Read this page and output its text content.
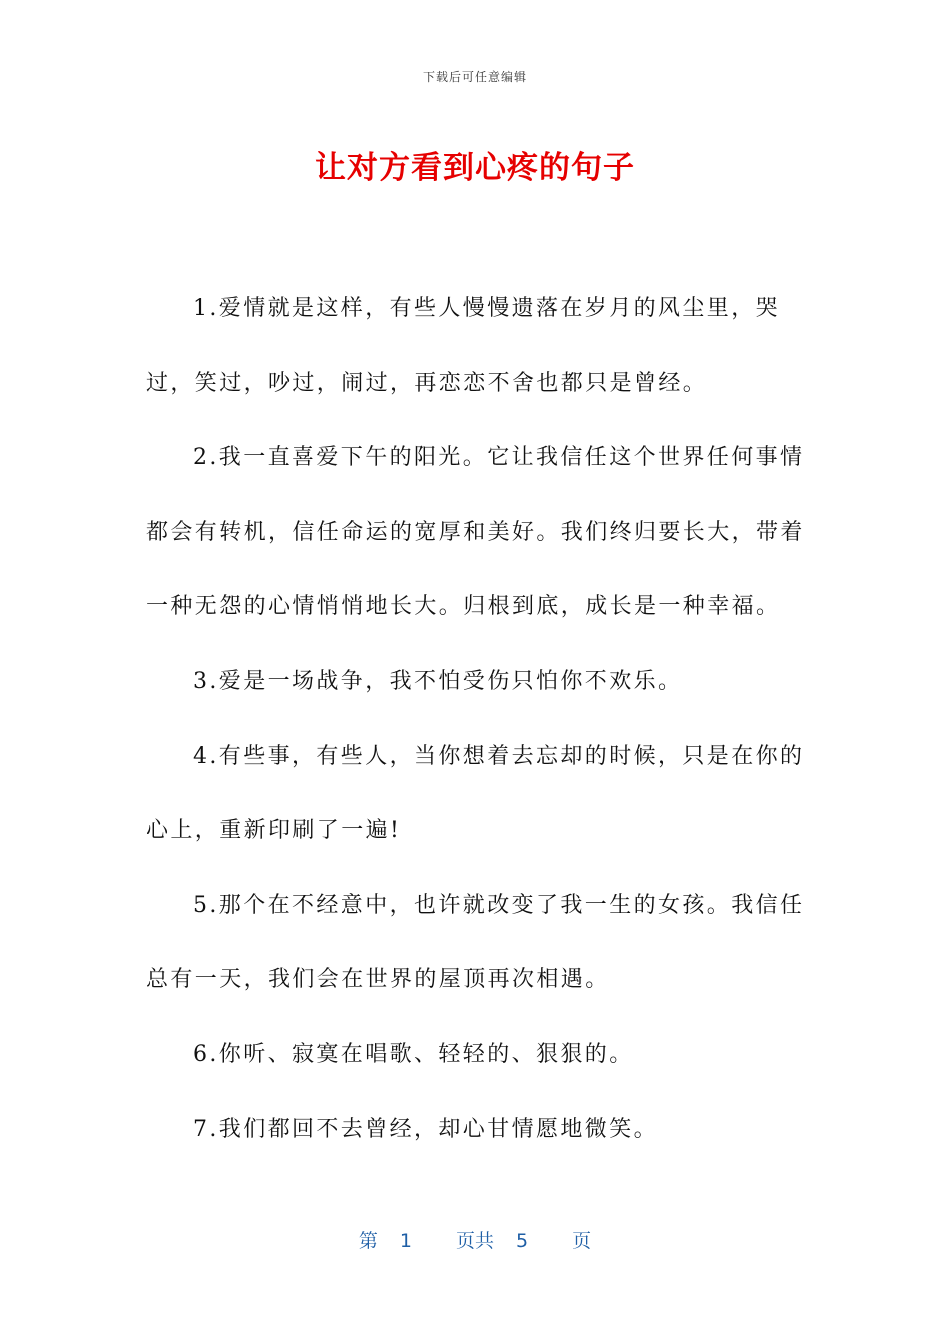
下载后可任意编辑
让对方看到心疼的句子

1.爱情就是这样，有些人慢慢遗落在岁月的风尘里，哭过，笑过，吵过，闹过，再恋恋不舍也都只是曾经。

2.我一直喜爱下午的阳光。它让我信任这个世界任何事情都会有转机，信任命运的宽厚和美好。我们终归要长大，带着一种无怨的心情悄悄地长大。归根到底，成长是一种幸福。

3.爱是一场战争，我不怕受伤只怕你不欢乐。

4.有些事，有些人，当你想着去忘却的时候，只是在你的心上，重新印刷了一遍!

5.那个在不经意中，也许就改变了我一生的女孩。我信任总有一天，我们会在世界的屋顶再次相遇。

6.你听、寂寞在唱歌、轻轻的、狠狠的。

7.我们都回不去曾经，却心甘情愿地微笑。

第 1 页共 5 页
